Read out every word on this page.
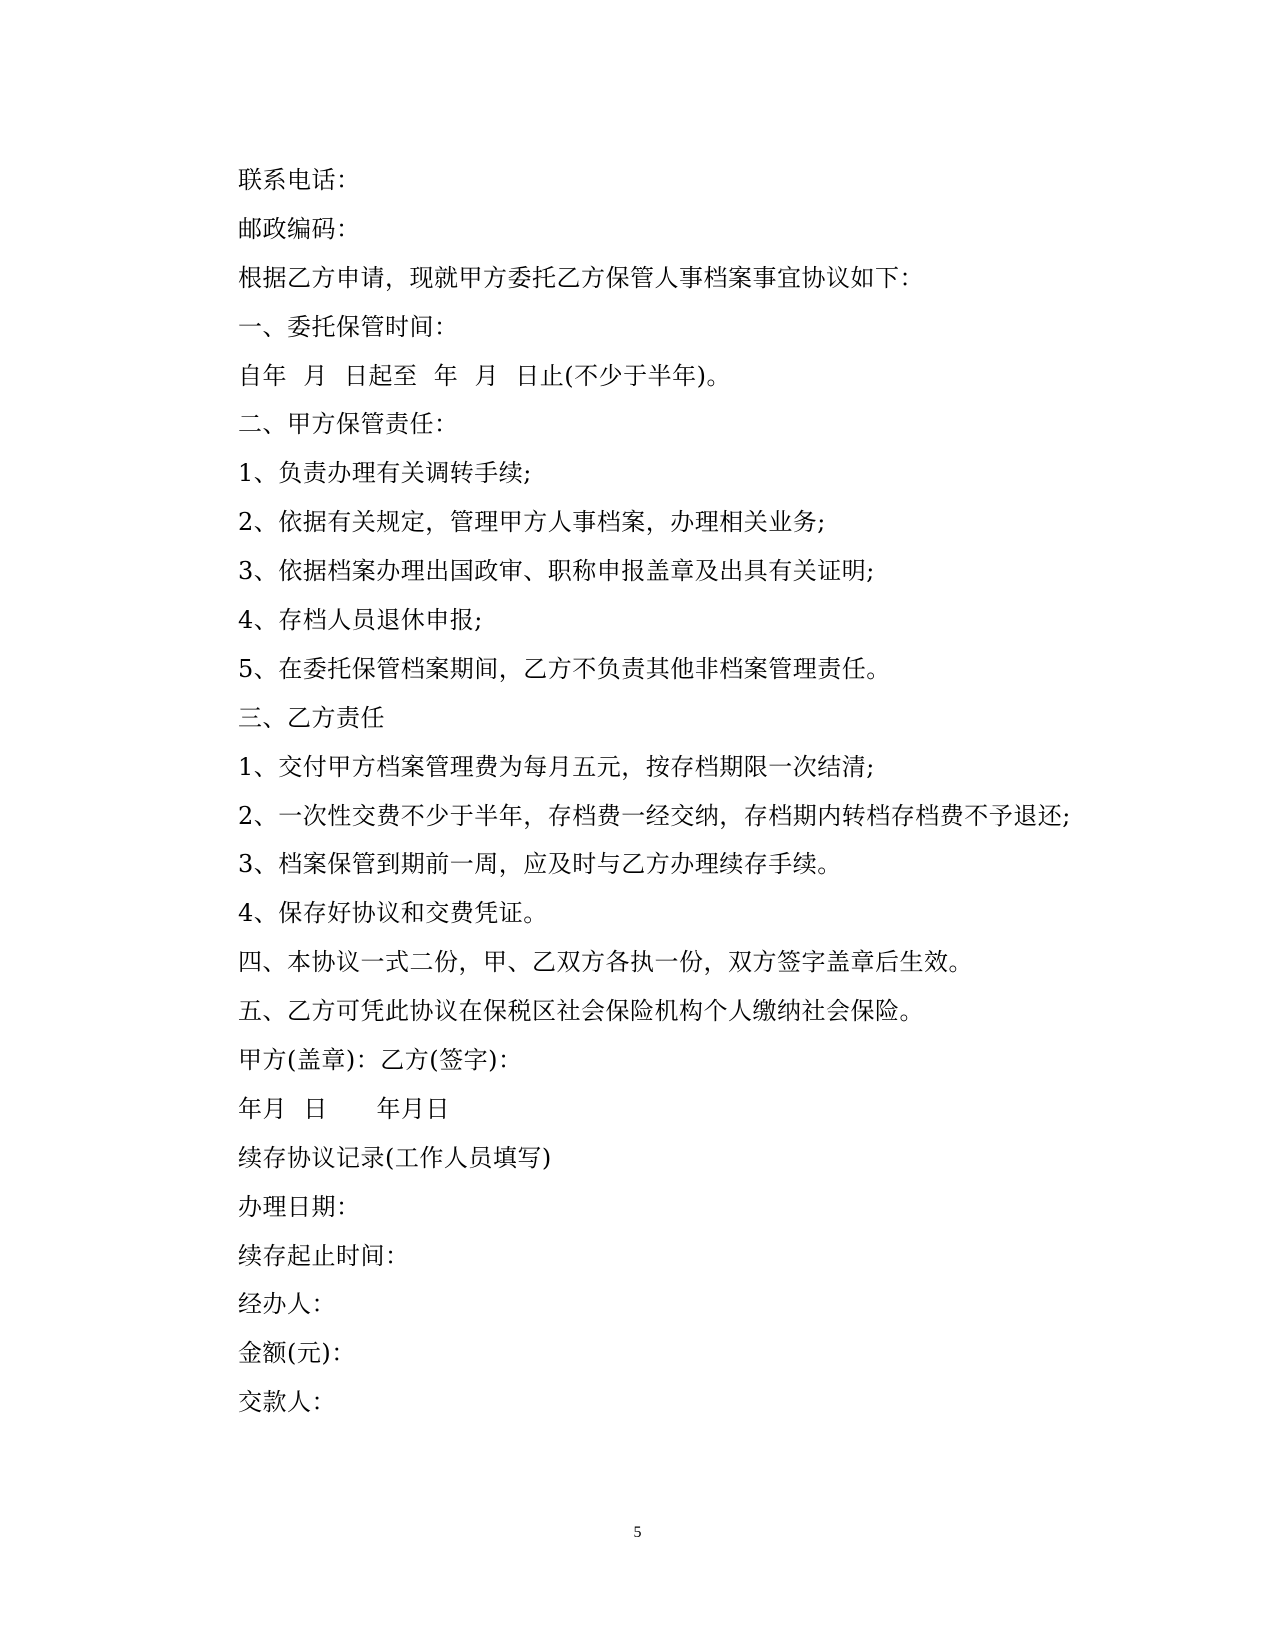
联系电话：
邮政编码：
根据乙方申请，现就甲方委托乙方保管人事档案事宜协议如下：
一、委托保管时间：
自年  月  日起至  年  月  日止(不少于半年)。
二、甲方保管责任：
1、负责办理有关调转手续;
2、依据有关规定，管理甲方人事档案，办理相关业务;
3、依据档案办理出国政审、职称申报盖章及出具有关证明;
4、存档人员退休申报;
5、在委托保管档案期间，乙方不负责其他非档案管理责任。
三、乙方责任
1、交付甲方档案管理费为每月五元，按存档期限一次结清;
2、一次性交费不少于半年，存档费一经交纳，存档期内转档存档费不予退还;
3、档案保管到期前一周，应及时与乙方办理续存手续。
4、保存好协议和交费凭证。
四、本协议一式二份，甲、乙双方各执一份，双方签字盖章后生效。
五、乙方可凭此协议在保税区社会保险机构个人缴纳社会保险。
甲方(盖章)：乙方(签字)：
年月  日      年月日
续存协议记录(工作人员填写)
办理日期：
续存起止时间：
经办人：
金额(元)：
交款人：
5
